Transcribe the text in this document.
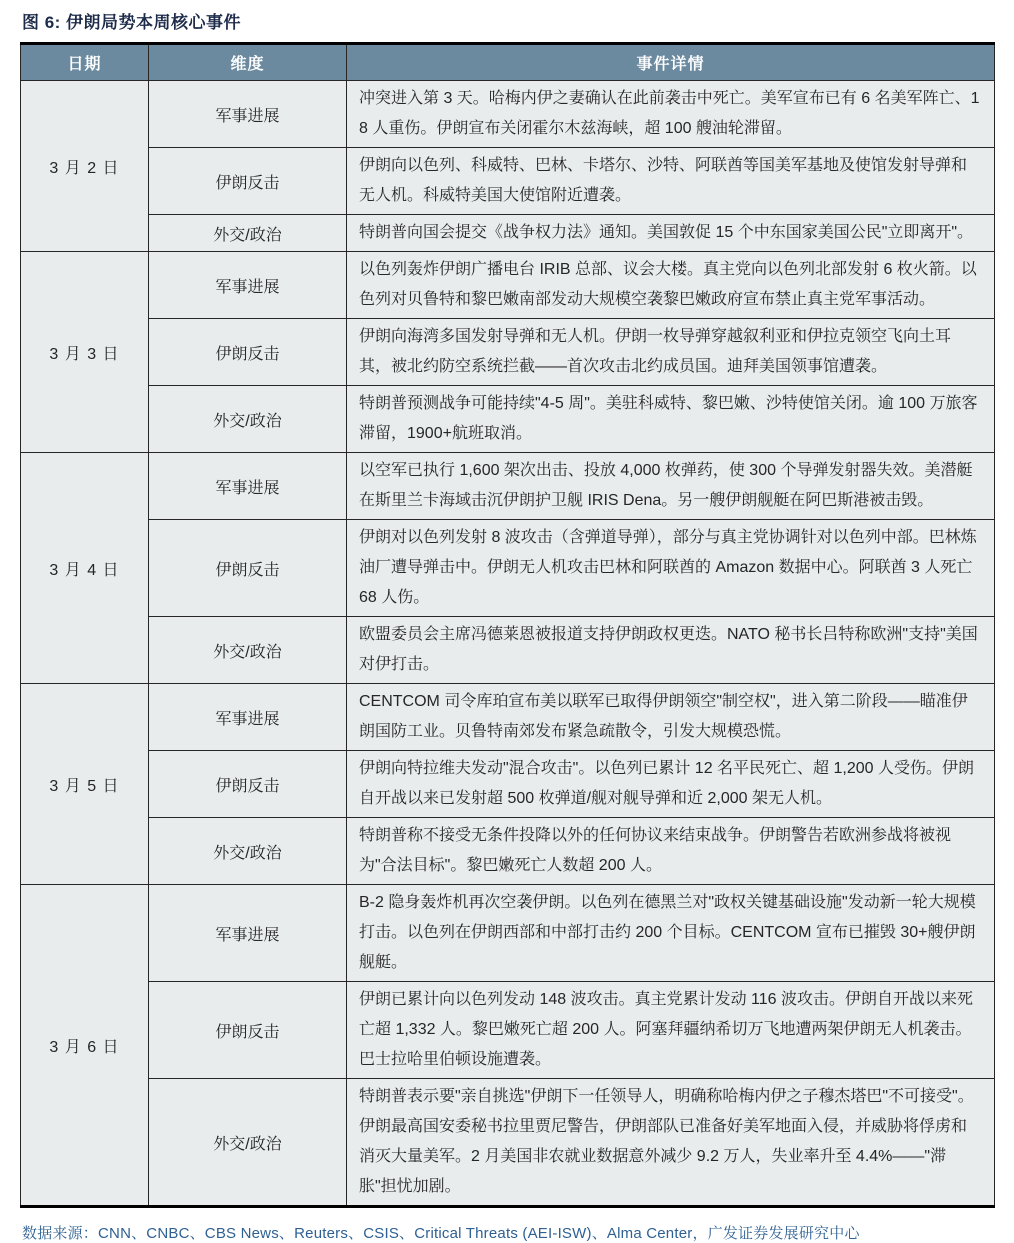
图 6: 伊朗局势本周核心事件
日期	维度	事件详情
3 月 2 日	军事进展	冲突进入第 3 天。哈梅内伊之妻确认在此前袭击中死亡。美军宣布已有 6 名美军阵亡、18 人重伤。伊朗宣布关闭霍尔木兹海峡，超 100 艘油轮滞留。
	伊朗反击	伊朗向以色列、科威特、巴林、卡塔尔、沙特、阿联酋等国美军基地及使馆发射导弹和无人机。科威特美国大使馆附近遭袭。
	外交/政治	特朗普向国会提交《战争权力法》通知。美国敦促 15 个中东国家美国公民"立即离开"。
3 月 3 日	军事进展	以色列轰炸伊朗广播电台 IRIB 总部、议会大楼。真主党向以色列北部发射 6 枚火箭。以色列对贝鲁特和黎巴嫩南部发动大规模空袭黎巴嫩政府宣布禁止真主党军事活动。
	伊朗反击	伊朗向海湾多国发射导弹和无人机。伊朗一枚导弹穿越叙利亚和伊拉克领空飞向土耳其，被北约防空系统拦截——首次攻击北约成员国。迪拜美国领事馆遭袭。
	外交/政治	特朗普预测战争可能持续"4-5 周"。美驻科威特、黎巴嫩、沙特使馆关闭。逾 100 万旅客滞留，1900+航班取消。
3 月 4 日	军事进展	以空军已执行 1,600 架次出击、投放 4,000 枚弹药，使 300 个导弹发射器失效。美潜艇在斯里兰卡海域击沉伊朗护卫舰 IRIS Dena。另一艘伊朗舰艇在阿巴斯港被击毁。
	伊朗反击	伊朗对以色列发射 8 波攻击（含弹道导弹），部分与真主党协调针对以色列中部。巴林炼油厂遭导弹击中。伊朗无人机攻击巴林和阿联酋的 Amazon 数据中心。阿联酋 3 人死亡 68 人伤。
	外交/政治	欧盟委员会主席冯德莱恩被报道支持伊朗政权更迭。NATO 秘书长吕特称欧洲"支持"美国对伊打击。
3 月 5 日	军事进展	CENTCOM 司令库珀宣布美以联军已取得伊朗领空"制空权"，进入第二阶段——瞄准伊朗国防工业。贝鲁特南郊发布紧急疏散令，引发大规模恐慌。
	伊朗反击	伊朗向特拉维夫发动"混合攻击"。以色列已累计 12 名平民死亡、超 1,200 人受伤。伊朗自开战以来已发射超 500 枚弹道/舰对舰导弹和近 2,000 架无人机。
	外交/政治	特朗普称不接受无条件投降以外的任何协议来结束战争。伊朗警告若欧洲参战将被视为"合法目标"。黎巴嫩死亡人数超 200 人。
3 月 6 日	军事进展	B-2 隐身轰炸机再次空袭伊朗。以色列在德黑兰对"政权关键基础设施"发动新一轮大规模打击。以色列在伊朗西部和中部打击约 200 个目标。CENTCOM 宣布已摧毁 30+艘伊朗舰艇。
	伊朗反击	伊朗已累计向以色列发动 148 波攻击。真主党累计发动 116 波攻击。伊朗自开战以来死亡超 1,332 人。黎巴嫩死亡超 200 人。阿塞拜疆纳希切万飞地遭两架伊朗无人机袭击。巴士拉哈里伯顿设施遭袭。
	外交/政治	特朗普表示要"亲自挑选"伊朗下一任领导人，明确称哈梅内伊之子穆杰塔巴"不可接受"。伊朗最高国安委秘书拉里贾尼警告，伊朗部队已准备好美军地面入侵，并威胁将俘虏和消灭大量美军。2 月美国非农就业数据意外减少 9.2 万人，失业率升至 4.4%——"滞胀"担忧加剧。
数据来源：CNN、CNBC、CBS News、Reuters、CSIS、Critical Threats (AEI-ISW)、Alma Center，广发证券发展研究中心
